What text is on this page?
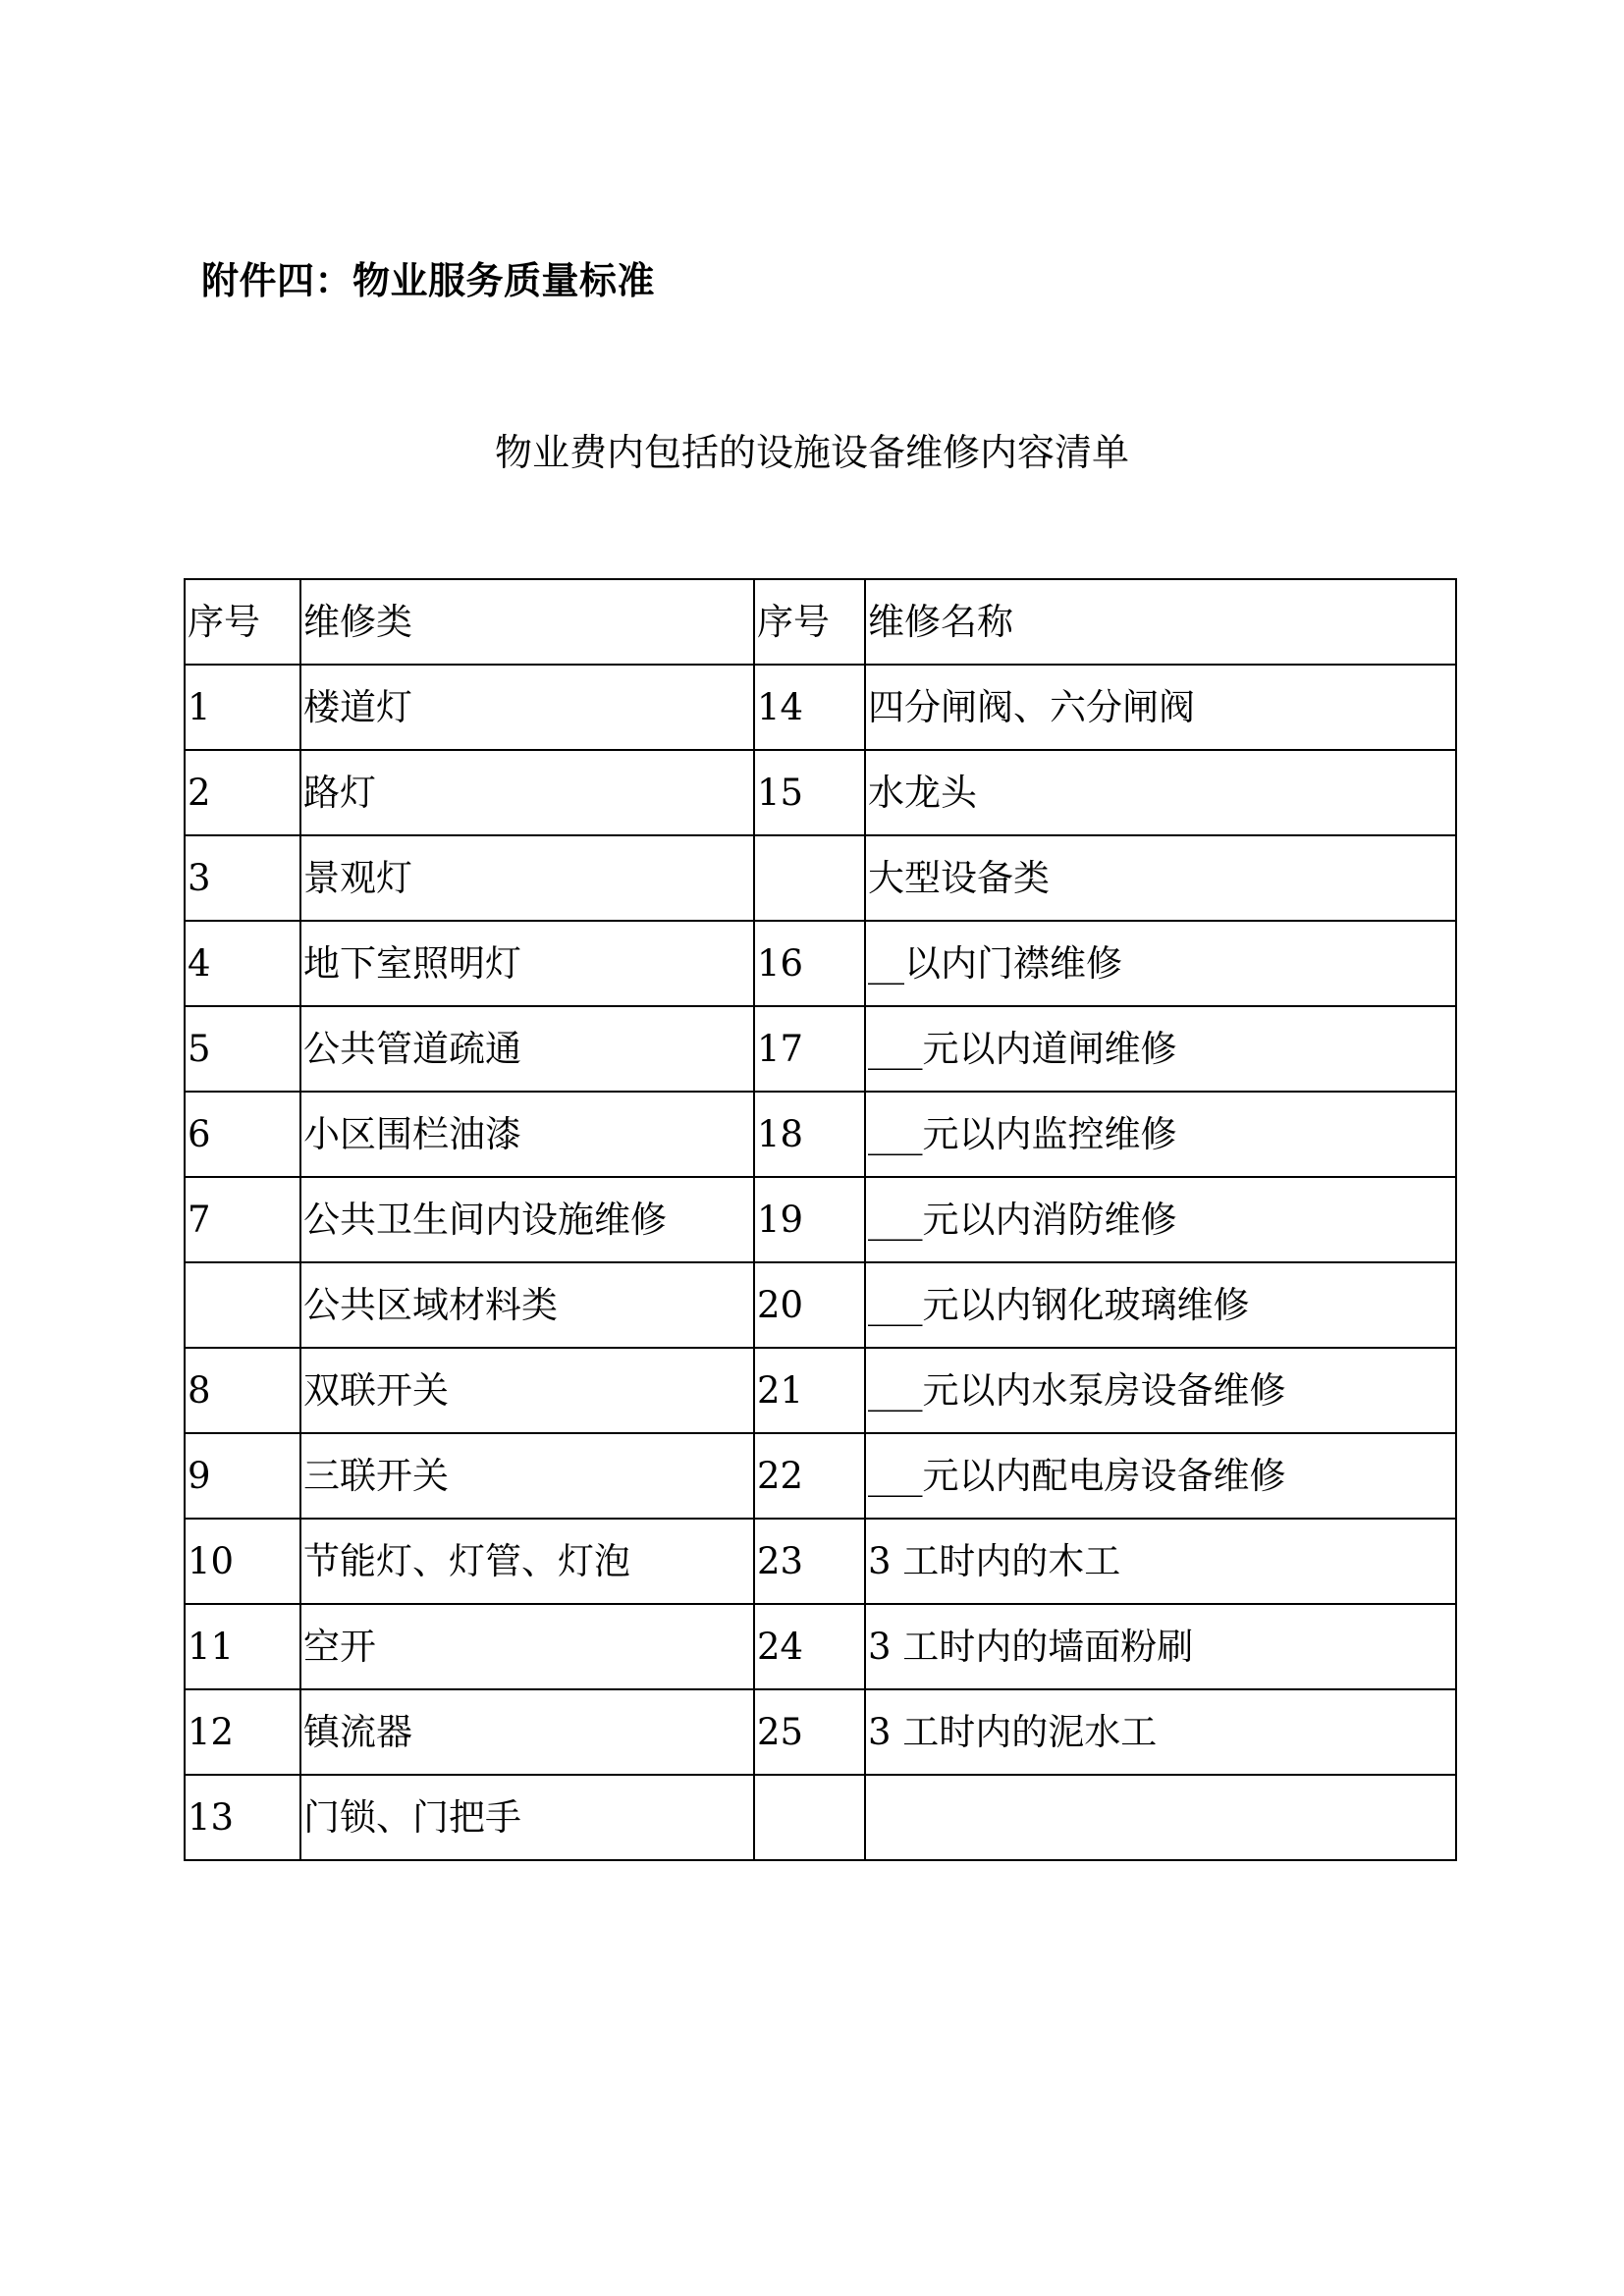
附件四：物业服务质量标准
物业费内包括的设施设备维修内容清单
序号	维修类	序号	维修名称
1	楼道灯	14	四分闸阀、六分闸阀
2	路灯	15	水龙头
3	景观灯		大型设备类
4	地下室照明灯	16	__以内门襟维修
5	公共管道疏通	17	___元以内道闸维修
6	小区围栏油漆	18	___元以内监控维修
7	公共卫生间内设施维修	19	___元以内消防维修
	公共区域材料类	20	___元以内钢化玻璃维修
8	双联开关	21	___元以内水泵房设备维修
9	三联开关	22	___元以内配电房设备维修
10	节能灯、灯管、灯泡	23	3 工时内的木工
11	空开	24	3 工时内的墙面粉刷
12	镇流器	25	3 工时内的泥水工
13	门锁、门把手		
